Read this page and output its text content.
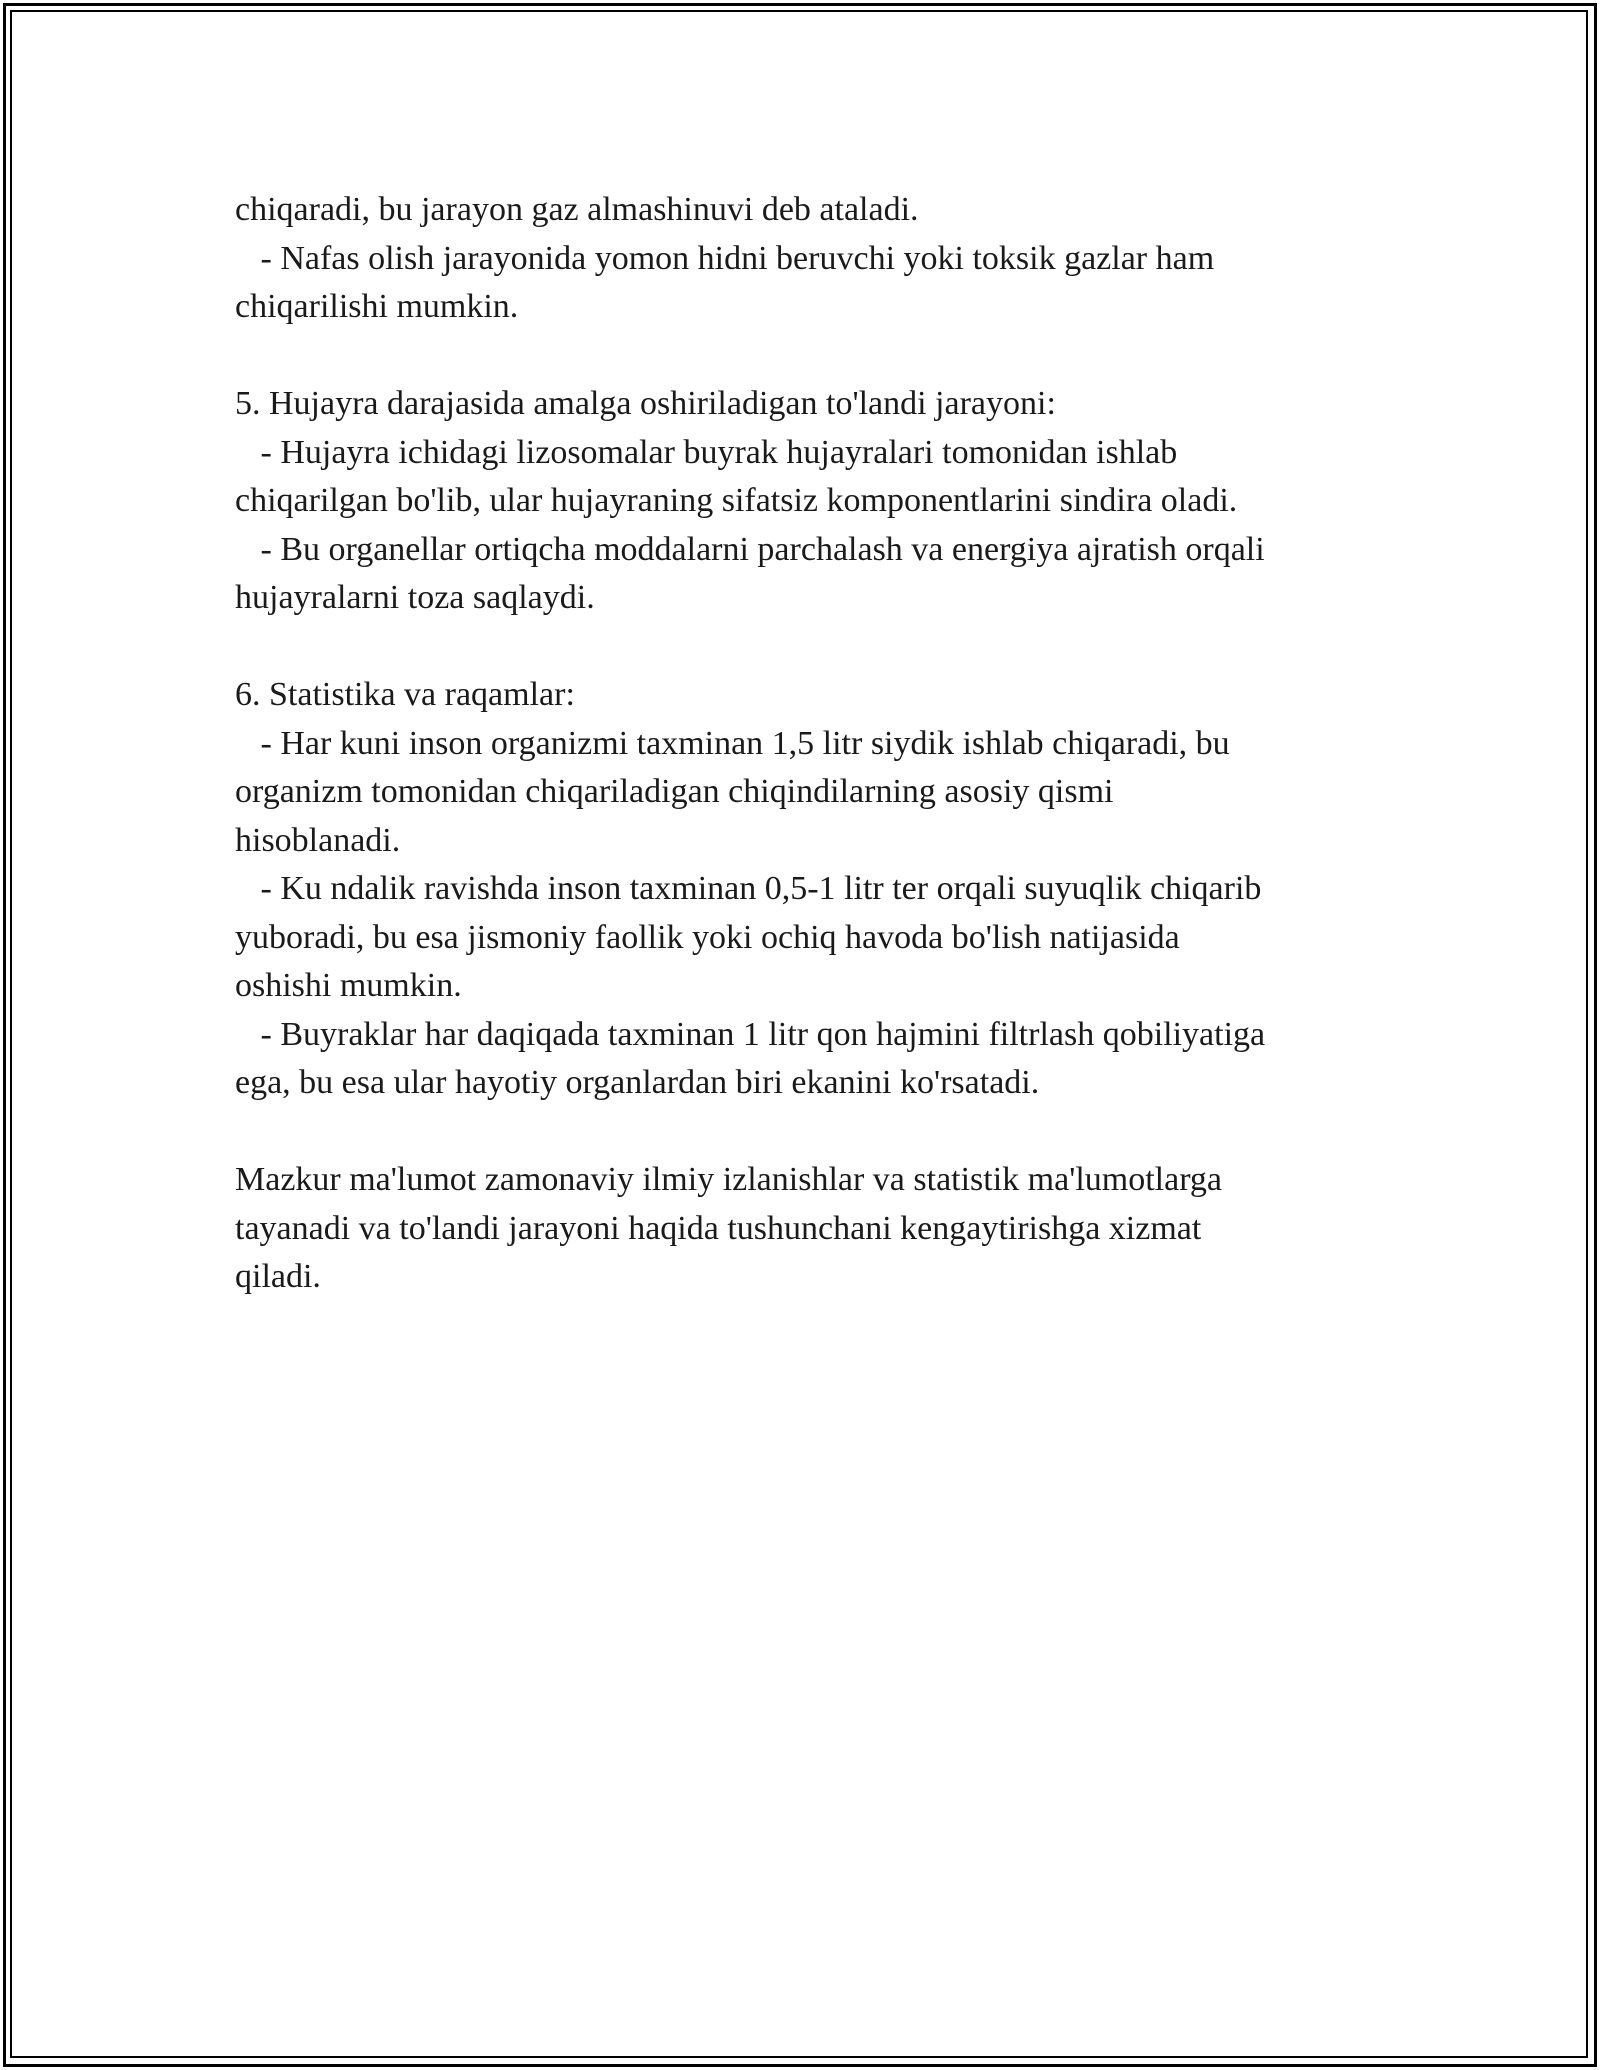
chiqaradi, bu jarayon gaz almashinuvi deb ataladi.
- Nafas olish jarayonida yomon hidni beruvchi yoki toksik gazlar ham
chiqarilishi mumkin.
5. Hujayra darajasida amalga oshiriladigan to'landi jarayoni:
- Hujayra ichidagi lizosomalar buyrak hujayralari tomonidan ishlab
chiqarilgan bo'lib, ular hujayraning sifatsiz komponentlarini sindira oladi.
- Bu organellar ortiqcha moddalarni parchalash va energiya ajratish orqali
hujayralarni toza saqlaydi.
6. Statistika va raqamlar:
- Har kuni inson organizmi taxminan 1,5 litr siydik ishlab chiqaradi, bu
organizm tomonidan chiqariladigan chiqindilarning asosiy qismi
hisoblanadi.
- Ku ndalik ravishda inson taxminan 0,5-1 litr ter orqali suyuqlik chiqarib
yuboradi, bu esa jismoniy faollik yoki ochiq havoda bo'lish natijasida
oshishi mumkin.
- Buyraklar har daqiqada taxminan 1 litr qon hajmini filtrlash qobiliyatiga
ega, bu esa ular hayotiy organlardan biri ekanini ko'rsatadi.
Mazkur ma'lumot zamonaviy ilmiy izlanishlar va statistik ma'lumotlarga
tayanadi va to'landi jarayoni haqida tushunchani kengaytirishga xizmat
qiladi.
